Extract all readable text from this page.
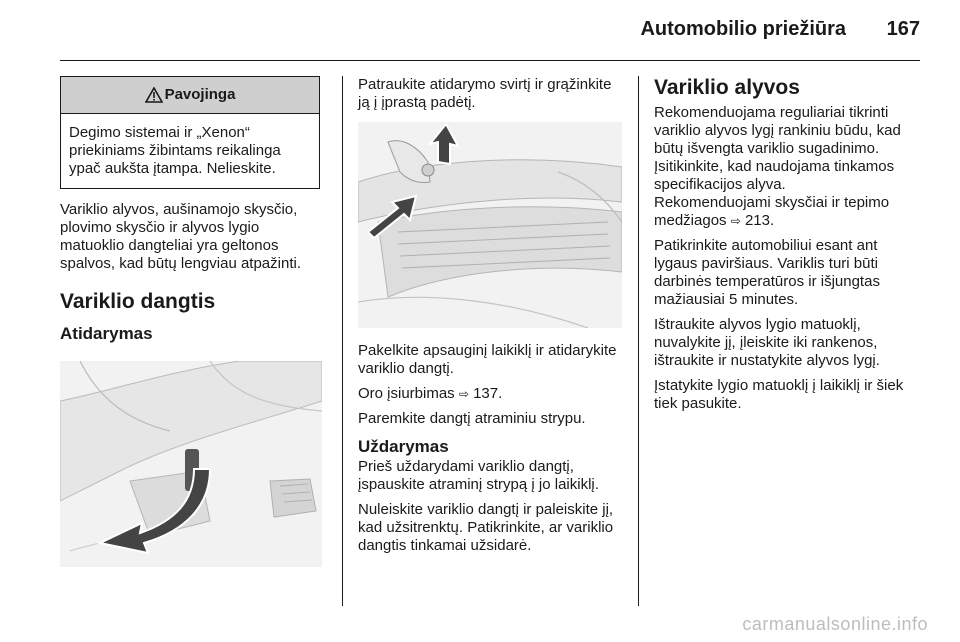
Automobilio priežiūra 167
Pavojinga
Degimo sistemai ir „Xenon“ priekiniams žibintams reikalinga ypač aukšta įtampa. Nelieskite.

Variklio alyvos, aušinamojo skysčio, plovimo skysčio ir alyvos lygio matuoklio dangteliai yra geltonos spalvos, kad būtų lengviau atpažinti.

Variklio dangtis
Atidarymas

Patraukite atidarymo svirtį ir grąžinkite ją į įprastą padėtį.

Pakelkite apsauginį laikiklį ir atidarykite variklio dangtį.

Oro įsiurbimas ⇨ 137.

Paremkite dangtį atraminiu strypu.

Uždarymas

Prieš uždarydami variklio dangtį, įspauskite atraminį strypą į jo laikiklį.

Nuleiskite variklio dangtį ir paleiskite jį, kad užsitrenktų. Patikrinkite, ar variklio dangtis tinkamai užsidarė.

Variklio alyvos

Rekomenduojama reguliariai tikrinti variklio alyvos lygį rankiniu būdu, kad būtų išvengta variklio sugadinimo. Įsitikinkite, kad naudojama tinkamos specifikacijos alyva.

Rekomenduojami skysčiai ir tepimo medžiagos ⇨ 213.

Patikrinkite automobiliui esant ant lygaus paviršiaus. Variklis turi būti darbinės temperatūros ir išjungtas mažiausiai 5 minutes.

Ištraukite alyvos lygio matuoklį, nuvalykite jį, įleiskite iki rankenos, ištraukite ir nustatykite alyvos lygį.

Įstatykite lygio matuoklį į laikiklį ir šiek tiek pasukite.

carmanualsonline.info
